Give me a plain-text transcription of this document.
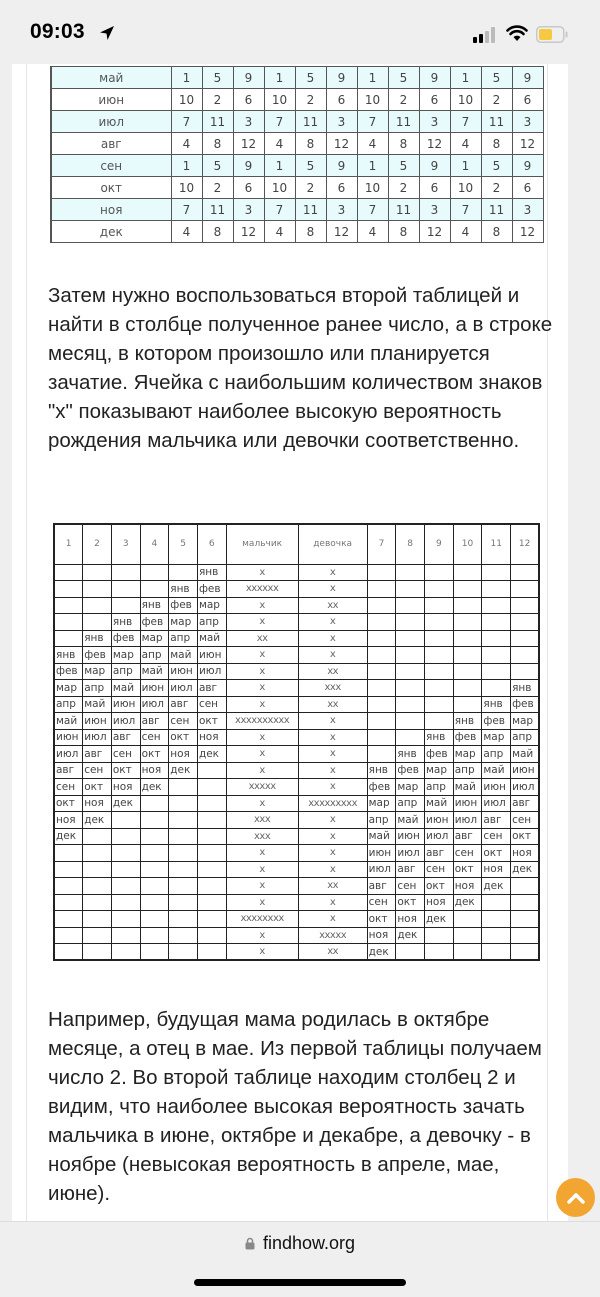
09:03
май	1	5	9	1	5	9	1	5	9	1	5	9
июн	10	2	6	10	2	6	10	2	6	10	2	6
июл	7	11	3	7	11	3	7	11	3	7	11	3
авг	4	8	12	4	8	12	4	8	12	4	8	12
сен	1	5	9	1	5	9	1	5	9	1	5	9
окт	10	2	6	10	2	6	10	2	6	10	2	6
ноя	7	11	3	7	11	3	7	11	3	7	11	3
дек	4	8	12	4	8	12	4	8	12	4	8	12

Затем нужно воспользоваться второй таблицей и найти в столбце полученное ранее число, а в строке месяц, в котором произошло или планируется зачатие. Ячейка с наибольшим количеством знаков "x" показывают наиболее высокую вероятность рождения мальчика или девочки соответственно.

1	2	3	4	5	6	мальчик	девочка	7	8	9	10	11	12
					янв	x	x						
				янв	фев	xxxxxx	x						
			янв	фев	мар	x	xx						
		янв	фев	мар	апр	x	x						
	янв	фев	мар	апр	май	xx	x						
янв	фев	мар	апр	май	июн	x	x						
фев	мар	апр	май	июн	июл	x	xx						
мар	апр	май	июн	июл	авг	x	xxx						янв
апр	май	июн	июл	авг	сен	x	xx					янв	фев
май	июн	июл	авг	сен	окт	xxxxxxxxxx	x				янв	фев	мар
июн	июл	авг	сен	окт	ноя	x	x			янв	фев	мар	апр
июл	авг	сен	окт	ноя	дек	x	x		янв	фев	мар	апр	май
авг	сен	окт	ноя	дек		x	x	янв	фев	мар	апр	май	июн
сен	окт	ноя	дек			xxxxx	x	фев	мар	апр	май	июн	июл
окт	ноя	дек				x	xxxxxxxxx	мар	апр	май	июн	июл	авг
ноя	дек					xxx	x	апр	май	июн	июл	авг	сен
дек						xxx	x	май	июн	июл	авг	сен	окт
						x	x	июн	июл	авг	сен	окт	ноя
						x	x	июл	авг	сен	окт	ноя	дек
						x	xx	авг	сен	окт	ноя	дек	
						x	x	сен	окт	ноя	дек		
						xxxxxxxx	x	окт	ноя	дек			
						x	xxxxx	ноя	дек				
						x	xx	дек					

Например, будущая мама родилась в октябре месяце, а отец в мае. Из первой таблицы получаем число 2. Во второй таблице находим столбец 2 и видим, что наиболее высокая вероятность зачать мальчика в июне, октябре и декабре, а девочку - в ноябре (невысокая вероятность в апреле, мае, июне).

findhow.org
